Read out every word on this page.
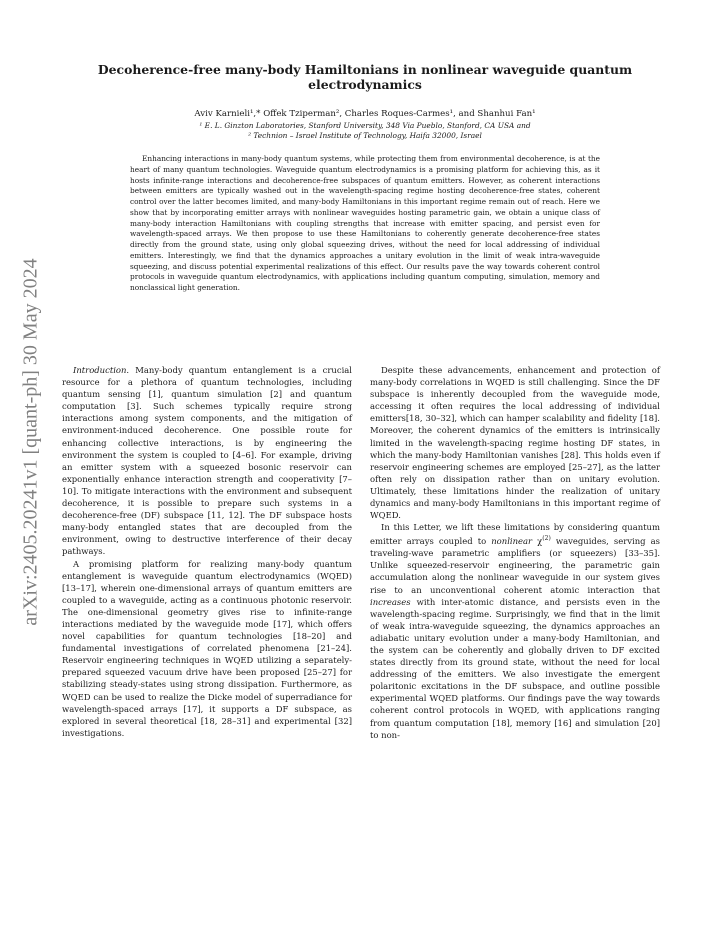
arXiv:2405.20241v1 [quant-ph] 30 May 2024
Decoherence-free many-body Hamiltonians in nonlinear waveguide quantum electrodynamics
Aviv Karnieli¹,* Offek Tziperman², Charles Roques-Carmes¹, and Shanhui Fan¹
¹ E. L. Ginzton Laboratories, Stanford University, 348 Via Pueblo, Stanford, CA USA and
² Technion – Israel Institute of Technology, Haifa 32000, Israel

Enhancing interactions in many-body quantum systems, while protecting them from environmental decoherence, is at the heart of many quantum technologies. Waveguide quantum electrodynamics is a promising platform for achieving this, as it hosts infinite-range interactions and decoherence-free subspaces of quantum emitters. However, as coherent interactions between emitters are typically washed out in the wavelength-spacing regime hosting decoherence-free states, coherent control over the latter becomes limited, and many-body Hamiltonians in this important regime remain out of reach. Here we show that by incorporating emitter arrays with nonlinear waveguides hosting parametric gain, we obtain a unique class of many-body interaction Hamiltonians with coupling strengths that increase with emitter spacing, and persist even for wavelength-spaced arrays. We then propose to use these Hamiltonians to coherently generate decoherence-free states directly from the ground state, using only global squeezing drives, without the need for local addressing of individual emitters. Interestingly, we find that the dynamics approaches a unitary evolution in the limit of weak intra-waveguide squeezing, and discuss potential experimental realizations of this effect. Our results pave the way towards coherent control protocols in waveguide quantum electrodynamics, with applications including quantum computing, simulation, memory and nonclassical light generation.

Introduction. Many-body quantum entanglement is a crucial resource for a plethora of quantum technologies, including quantum sensing [1], quantum simulation [2] and quantum computation [3]. Such schemes typically require strong interactions among system components, and the mitigation of environment-induced decoherence. One possible route for enhancing collective interactions, is by engineering the environment the system is coupled to [4–6]. For example, driving an emitter system with a squeezed bosonic reservoir can exponentially enhance interaction strength and cooperativity [7–10]. To mitigate interactions with the environment and subsequent decoherence, it is possible to prepare such systems in a decoherence-free (DF) subspace [11, 12]. The DF subspace hosts many-body entangled states that are decoupled from the environment, owing to destructive interference of their decay pathways.

A promising platform for realizing many-body quantum entanglement is waveguide quantum electrodynamics (WQED) [13–17], wherein one-dimensional arrays of quantum emitters are coupled to a waveguide, acting as a continuous photonic reservoir. The one-dimensional geometry gives rise to infinite-range interactions mediated by the waveguide mode [17], which offers novel capabilities for quantum technologies [18–20] and fundamental investigations of correlated phenomena [21–24]. Reservoir engineering techniques in WQED utilizing a separately-prepared squeezed vacuum drive have been proposed [25–27] for stabilizing steady-states using strong dissipation. Furthermore, as WQED can be used to realize the Dicke model of superradiance for wavelength-spaced arrays [17], it supports a DF subspace, as explored in several theoretical [18, 28–31] and experimental [32] investigations.

Despite these advancements, enhancement and protection of many-body correlations in WQED is still challenging. Since the DF subspace is inherently decoupled from the waveguide mode, accessing it often requires the local addressing of individual emitters[18, 30–32], which can hamper scalability and fidelity [18]. Moreover, the coherent dynamics of the emitters is intrinsically limited in the wavelength-spacing regime hosting DF states, in which the many-body Hamiltonian vanishes [28]. This holds even if reservoir engineering schemes are employed [25–27], as the latter often rely on dissipation rather than on unitary evolution. Ultimately, these limitations hinder the realization of unitary dynamics and many-body Hamiltonians in this important regime of WQED.

In this Letter, we lift these limitations by considering quantum emitter arrays coupled to nonlinear $\chi^{(2)}$ waveguides, serving as traveling-wave parametric amplifiers (or squeezers) [33–35]. Unlike squeezed-reservoir engineering, the parametric gain accumulation along the nonlinear waveguide in our system gives rise to an unconventional coherent atomic interaction that increases with inter-atomic distance, and persists even in the wavelength-spacing regime. Surprisingly, we find that in the limit of weak intra-waveguide squeezing, the dynamics approaches an adiabatic unitary evolution under a many-body Hamiltonian, and the system can be coherently and globally driven to DF excited states directly from its ground state, without the need for local addressing of the emitters. We also investigate the emergent polaritonic excitations in the DF subspace, and outline possible experimental WQED platforms. Our findings pave the way towards coherent control protocols in WQED, with applications ranging from quantum computation [18], memory [16] and simulation [20] to non-
